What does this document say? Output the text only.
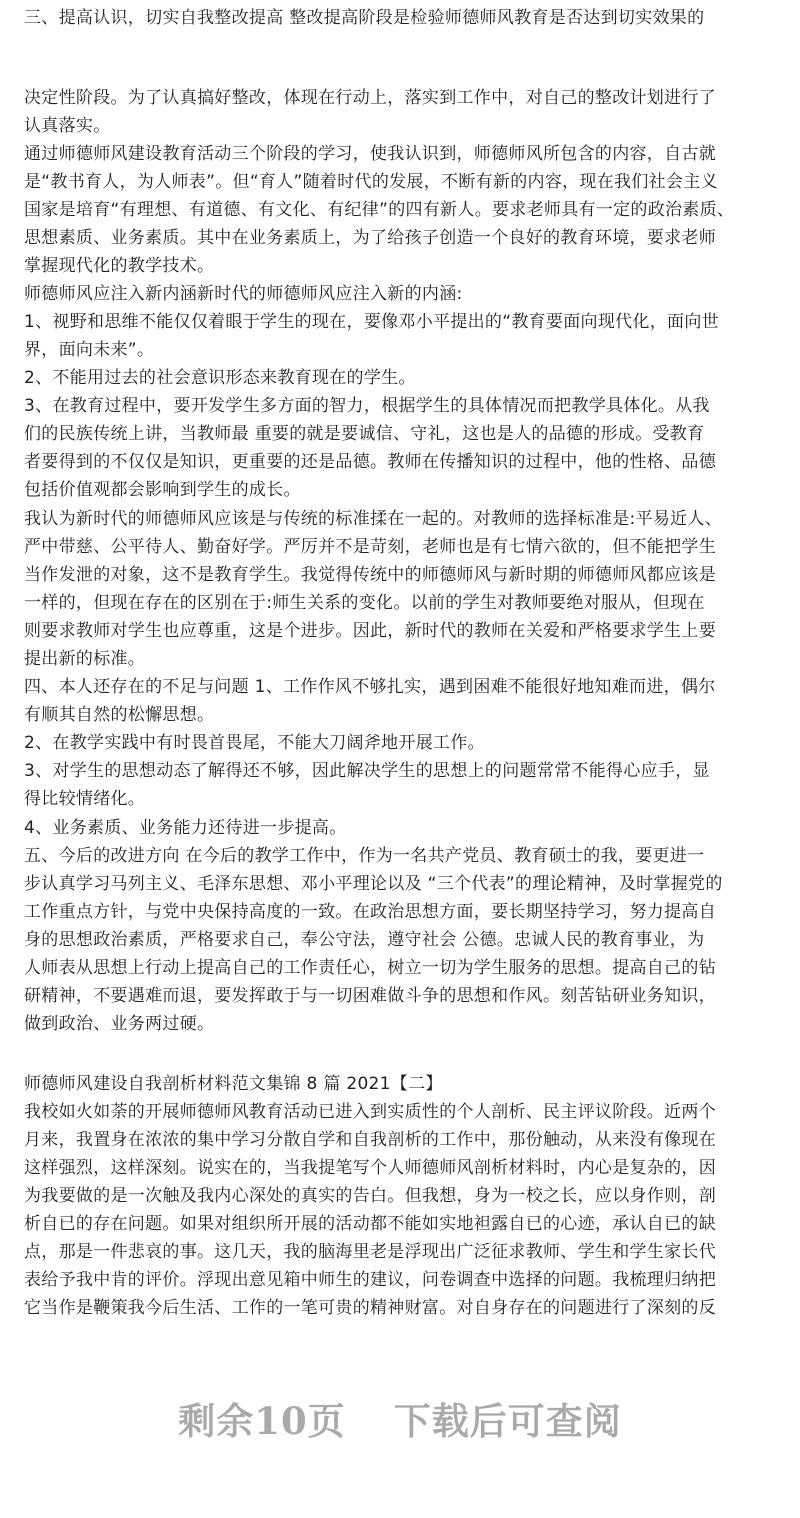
三、提高认识，切实自我整改提高 整改提高阶段是检验师德师风教育是否达到切实效果的
决定性阶段。为了认真搞好整改，体现在行动上，落实到工作中，对自己的整改计划进行了
认真落实。
通过师德师风建设教育活动三个阶段的学习，使我认识到，师德师风所包含的内容，自古就
是“教书育人，为人师表”。但“育人”随着时代的发展，不断有新的内容，现在我们社会主义
国家是培育“有理想、有道德、有文化、有纪律”的四有新人。要求老师具有一定的政治素质、
思想素质、业务素质。其中在业务素质上，为了给孩子创造一个良好的教育环境，要求老师
掌握现代化的教学技术。
师德师风应注入新内涵新时代的师德师风应注入新的内涵:
1、视野和思维不能仅仅着眼于学生的现在，要像邓小平提出的“教育要面向现代化，面向世
界，面向未来”。
2、不能用过去的社会意识形态来教育现在的学生。
3、在教育过程中，要开发学生多方面的智力，根据学生的具体情况而把教学具体化。从我
们的民族传统上讲，当教师最 重要的就是要诚信、守礼，这也是人的品德的形成。受教育
者要得到的不仅仅是知识，更重要的还是品德。教师在传播知识的过程中，他的性格、品德
包括价值观都会影响到学生的成长。
我认为新时代的师德师风应该是与传统的标准揉在一起的。对教师的选择标准是:平易近人、
严中带慈、公平待人、勤奋好学。严厉并不是苛刻，老师也是有七情六欲的，但不能把学生
当作发泄的对象，这不是教育学生。我觉得传统中的师德师风与新时期的师德师风都应该是
一样的，但现在存在的区别在于:师生关系的变化。以前的学生对教师要绝对服从，但现在
则要求教师对学生也应尊重，这是个进步。因此，新时代的教师在关爱和严格要求学生上要
提出新的标准。
四、本人还存在的不足与问题 1、工作作风不够扎实，遇到困难不能很好地知难而进，偶尔
有顺其自然的松懈思想。
2、在教学实践中有时畏首畏尾，不能大刀阔斧地开展工作。
3、对学生的思想动态了解得还不够，因此解决学生的思想上的问题常常不能得心应手，显
得比较情绪化。
4、业务素质、业务能力还待进一步提高。
五、今后的改进方向 在今后的教学工作中，作为一名共产党员、教育硕士的我，要更进一
步认真学习马列主义、毛泽东思想、邓小平理论以及 “三个代表”的理论精神，及时掌握党的
工作重点方针，与党中央保持高度的一致。在政治思想方面，要长期坚持学习，努力提高自
身的思想政治素质，严格要求自己，奉公守法，遵守社会 公德。忠诚人民的教育事业，为
人师表从思想上行动上提高自己的工作责任心，树立一切为学生服务的思想。提高自己的钻
研精神，不要遇难而退，要发挥敢于与一切困难做斗争的思想和作风。刻苦钻研业务知识，
做到政治、业务两过硬。
师德师风建设自我剖析材料范文集锦 8 篇 2021【二】
我校如火如荼的开展师德师风教育活动已进入到实质性的个人剖析、民主评议阶段。近两个
月来，我置身在浓浓的集中学习分散自学和自我剖析的工作中，那份触动，从来没有像现在
这样强烈，这样深刻。说实在的，当我提笔写个人师德师风剖析材料时，内心是复杂的，因
为我要做的是一次触及我内心深处的真实的告白。但我想，身为一校之长，应以身作则，剖
析自已的存在问题。如果对组织所开展的活动都不能如实地袒露自已的心迹，承认自已的缺
点，那是一件悲哀的事。这几天，我的脑海里老是浮现出广泛征求教师、学生和学生家长代
表给予我中肯的评价。浮现出意见箱中师生的建议，问卷调查中选择的问题。我梳理归纳把
它当作是鞭策我今后生活、工作的一笔可贵的精神财富。对自身存在的问题进行了深刻的反
剩余10页 下载后可查阅
